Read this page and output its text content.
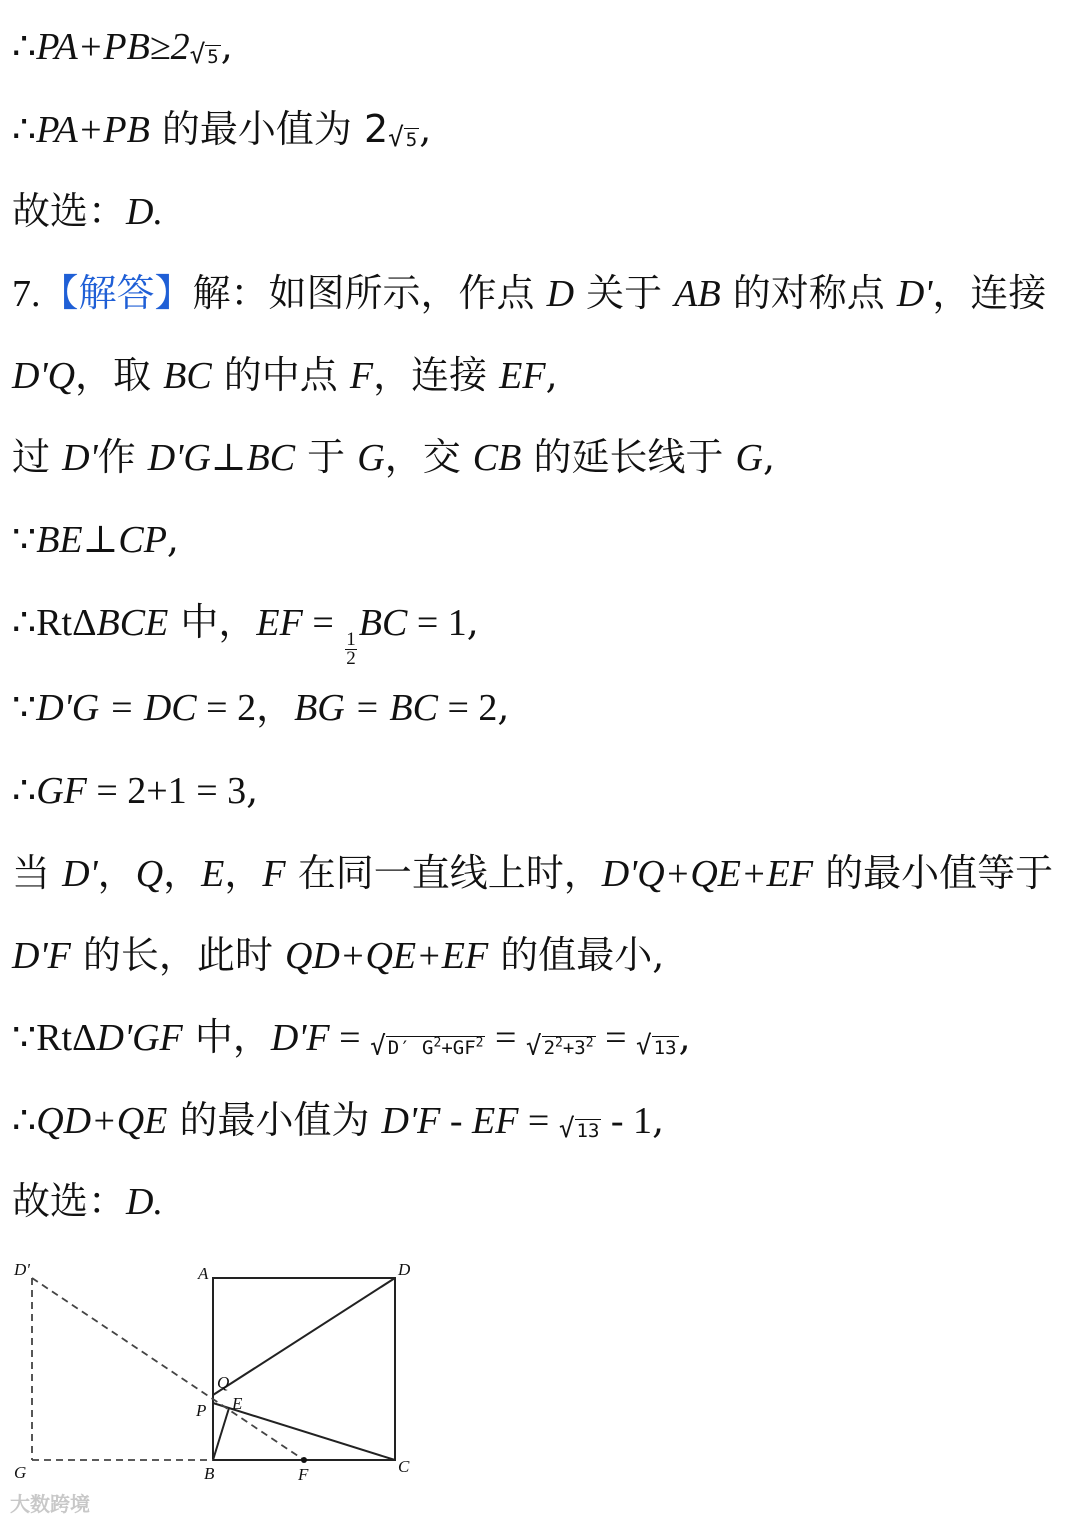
∴PA+PB≥2√ 5,
∴PA+PB 的最小值为 2√ 5,
故选：D.
7.【解答】解：如图所示，作点 D 关于 AB 的对称点 D'，连接
D'Q，取 BC 的中点 F，连接 EF,
过 D'作 D'G⊥BC 于 G，交 CB 的延长线于 G,
∵BE⊥CP,
∴RtΔBCE 中，EF =
$\frac{1}{2}$
BC = 1,
∵D'G = DC = 2，BG = BC = 2,
∴GF = 2+1 = 3,
当 D'，Q，E，F 在同一直线上时，D'Q+QE+EF 的最小值等于
D'F 的长，此时 QD+QE+EF 的值最小,
∵RtΔD'GF 中，D'F = √ D′ $G^2+GF^2$ = √ $2^2+3^2$ = √ 13,
∴QD+QE 的最小值为 D'F - EF = √ 13 - 1,
故选：D.
D'	A	D
Q
P E
G	B	F	C
大数跨境
